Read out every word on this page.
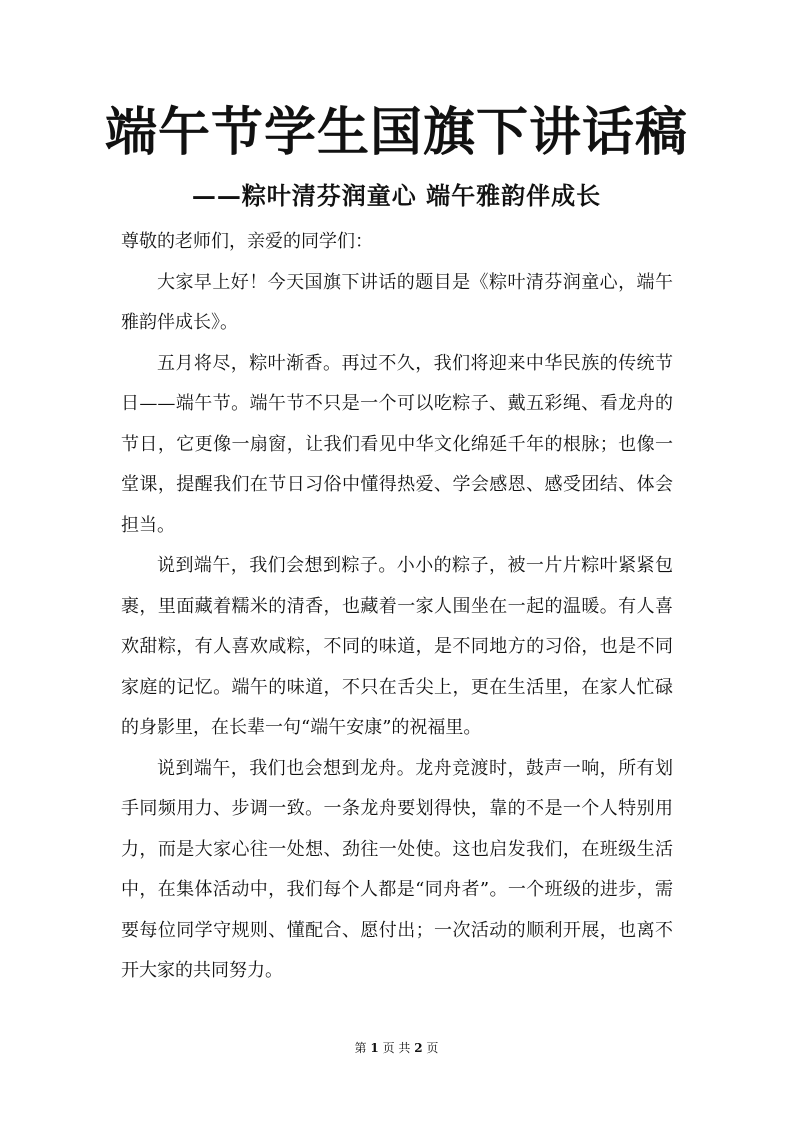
端午节学生国旗下讲话稿
——粽叶清芬润童心 端午雅韵伴成长

尊敬的老师们，亲爱的同学们：

大家早上好！今天国旗下讲话的题目是《粽叶清芬润童心，端午雅韵伴成长》。

五月将尽，粽叶渐香。再过不久，我们将迎来中华民族的传统节日——端午节。端午节不只是一个可以吃粽子、戴五彩绳、看龙舟的节日，它更像一扇窗，让我们看见中华文化绵延千年的根脉；也像一堂课，提醒我们在节日习俗中懂得热爱、学会感恩、感受团结、体会担当。

说到端午，我们会想到粽子。小小的粽子，被一片片粽叶紧紧包裹，里面藏着糯米的清香，也藏着一家人围坐在一起的温暖。有人喜欢甜粽，有人喜欢咸粽，不同的味道，是不同地方的习俗，也是不同家庭的记忆。端午的味道，不只在舌尖上，更在生活里，在家人忙碌的身影里，在长辈一句“端午安康”的祝福里。

说到端午，我们也会想到龙舟。龙舟竞渡时，鼓声一响，所有划手同频用力、步调一致。一条龙舟要划得快，靠的不是一个人特别用力，而是大家心往一处想、劲往一处使。这也启发我们，在班级生活中，在集体活动中，我们每个人都是“同舟者”。一个班级的进步，需要每位同学守规则、懂配合、愿付出；一次活动的顺利开展，也离不开大家的共同努力。

第 1 页 共 2 页
